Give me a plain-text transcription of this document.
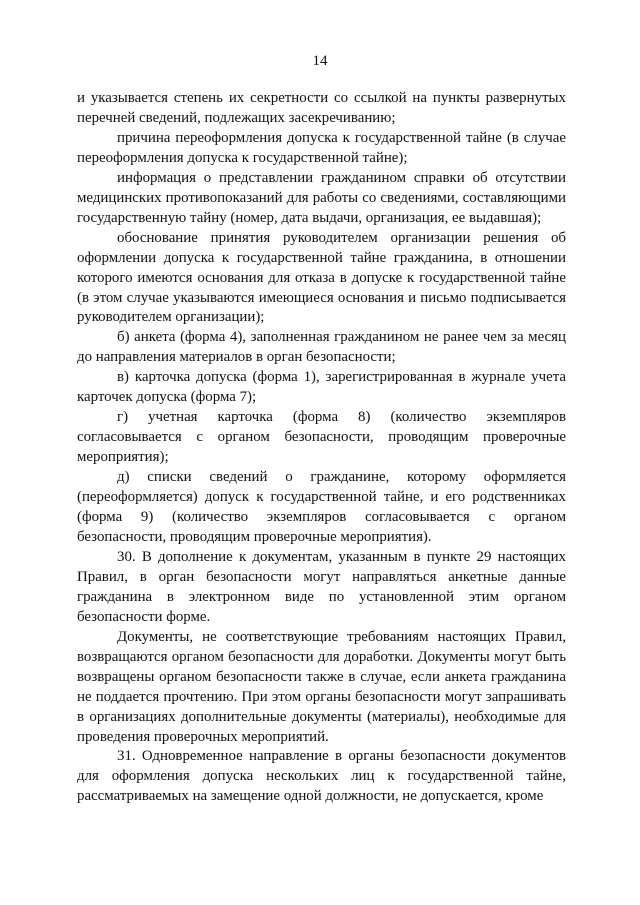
14

и указывается степень их секретности со ссылкой на пункты развернутых перечней сведений, подлежащих засекречиванию;

причина переоформления допуска к государственной тайне (в случае переоформления допуска к государственной тайне);

информация о представлении гражданином справки об отсутствии медицинских противопоказаний для работы со сведениями, составляющими государственную тайну (номер, дата выдачи, организация, ее выдавшая);

обоснование принятия руководителем организации решения об оформлении допуска к государственной тайне гражданина, в отношении которого имеются основания для отказа в допуске к государственной тайне (в этом случае указываются имеющиеся основания и письмо подписывается руководителем организации);

б) анкета (форма 4), заполненная гражданином не ранее чем за месяц до направления материалов в орган безопасности;

в) карточка допуска (форма 1), зарегистрированная в журнале учета карточек допуска (форма 7);

г) учетная карточка (форма 8) (количество экземпляров согласовывается с органом безопасности, проводящим проверочные мероприятия);

д) списки сведений о гражданине, которому оформляется (переоформляется) допуск к государственной тайне, и его родственниках (форма 9) (количество экземпляров согласовывается с органом безопасности, проводящим проверочные мероприятия).

30. В дополнение к документам, указанным в пункте 29 настоящих Правил, в орган безопасности могут направляться анкетные данные гражданина в электронном виде по установленной этим органом безопасности форме.

Документы, не соответствующие требованиям настоящих Правил, возвращаются органом безопасности для доработки. Документы могут быть возвращены органом безопасности также в случае, если анкета гражданина не поддается прочтению. При этом органы безопасности могут запрашивать в организациях дополнительные документы (материалы), необходимые для проведения проверочных мероприятий.

31. Одновременное направление в органы безопасности документов для оформления допуска нескольких лиц к государственной тайне, рассматриваемых на замещение одной должности, не допускается, кроме
